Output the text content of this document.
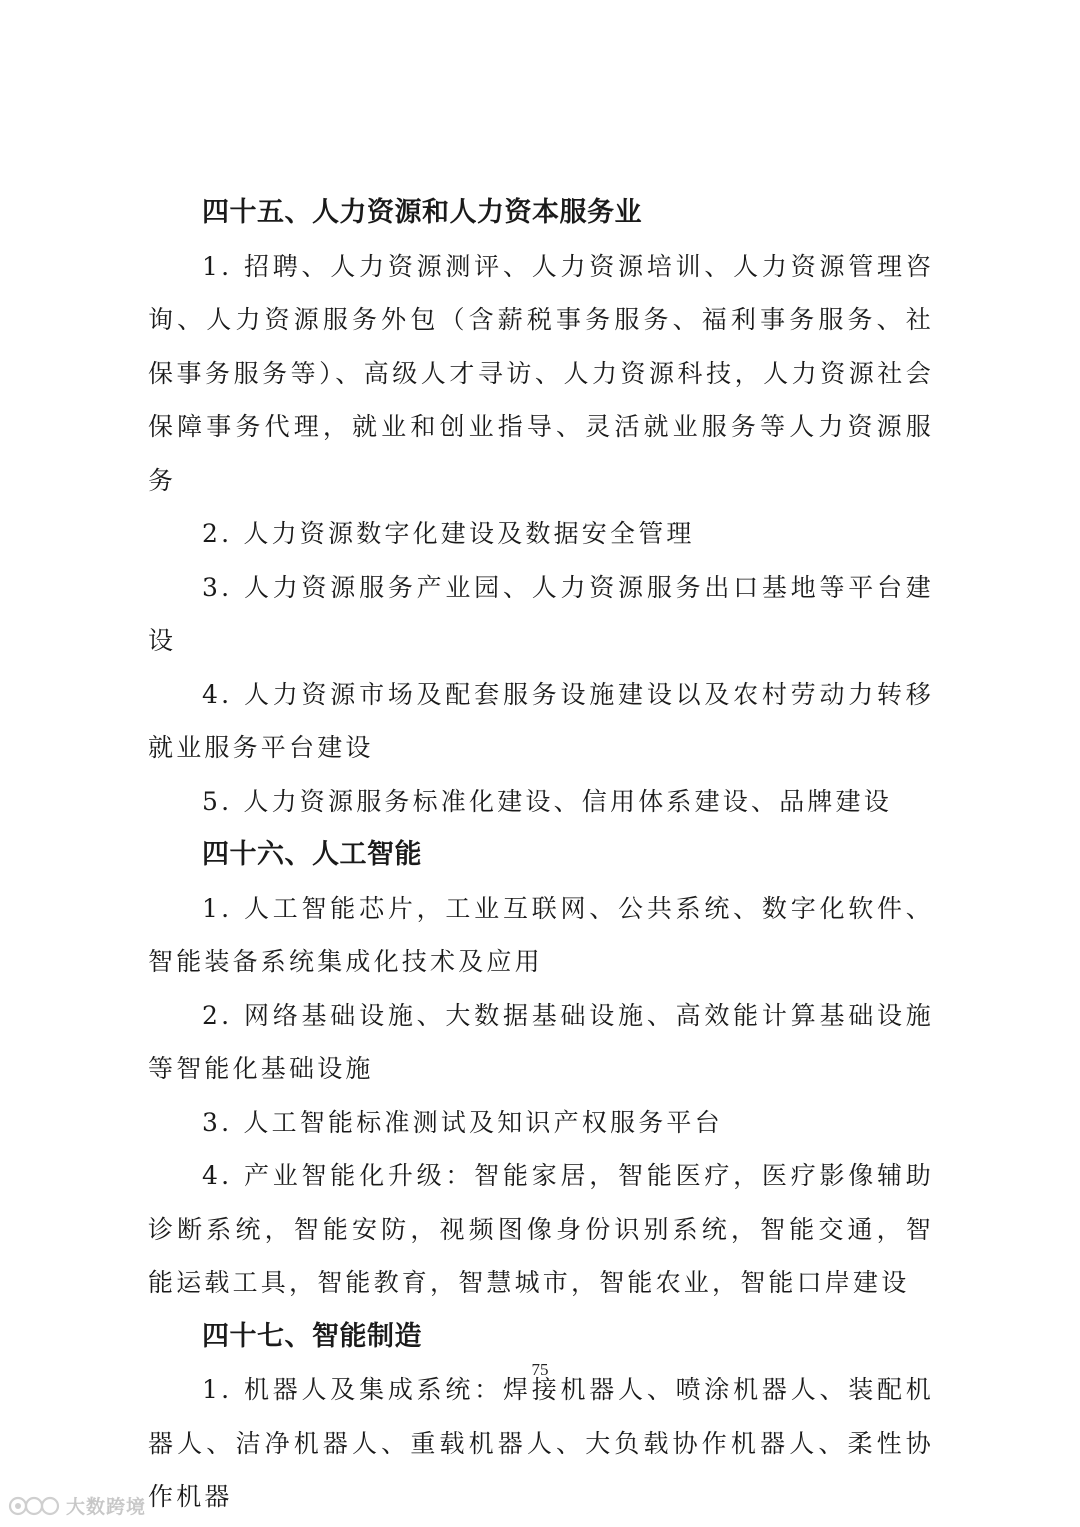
四十五、人力资源和人力资本服务业

1. 招聘、人力资源测评、人力资源培训、人力资源管理咨询、人力资源服务外包（含薪税事务服务、福利事务服务、社保事务服务等）、高级人才寻访、人力资源科技，人力资源社会保障事务代理，就业和创业指导、灵活就业服务等人力资源服务

2. 人力资源数字化建设及数据安全管理

3. 人力资源服务产业园、人力资源服务出口基地等平台建设

4. 人力资源市场及配套服务设施建设以及农村劳动力转移就业服务平台建设

5. 人力资源服务标准化建设、信用体系建设、品牌建设

四十六、人工智能

1. 人工智能芯片，工业互联网、公共系统、数字化软件、智能装备系统集成化技术及应用

2. 网络基础设施、大数据基础设施、高效能计算基础设施等智能化基础设施

3. 人工智能标准测试及知识产权服务平台

4. 产业智能化升级：智能家居，智能医疗，医疗影像辅助诊断系统，智能安防，视频图像身份识别系统，智能交通，智能运载工具，智能教育，智慧城市，智能农业，智能口岸建设

四十七、智能制造

1. 机器人及集成系统：焊接机器人、喷涂机器人、装配机器人、洁净机器人、重载机器人、大负载协作机器人、柔性协作机器

75
大数跨境
